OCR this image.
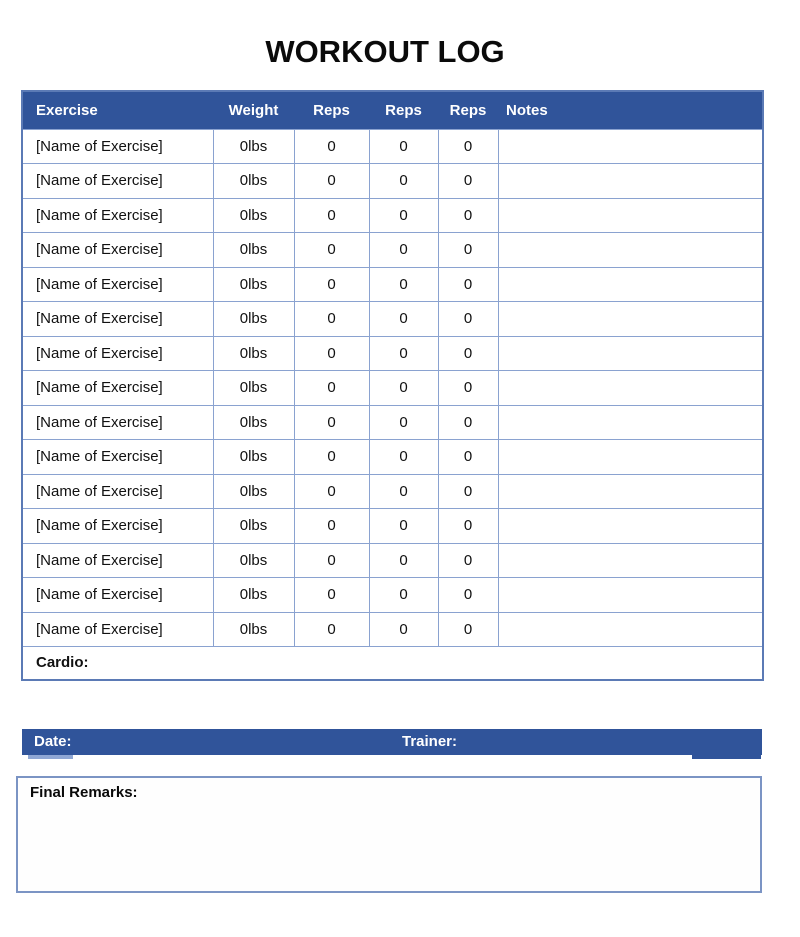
WORKOUT LOG
Exercise	Weight	Reps	Reps	Reps	Notes
[Name of Exercise]	0lbs	0	0	0	
[Name of Exercise]	0lbs	0	0	0	
[Name of Exercise]	0lbs	0	0	0	
[Name of Exercise]	0lbs	0	0	0	
[Name of Exercise]	0lbs	0	0	0	
[Name of Exercise]	0lbs	0	0	0	
[Name of Exercise]	0lbs	0	0	0	
[Name of Exercise]	0lbs	0	0	0	
[Name of Exercise]	0lbs	0	0	0	
[Name of Exercise]	0lbs	0	0	0	
[Name of Exercise]	0lbs	0	0	0	
[Name of Exercise]	0lbs	0	0	0	
[Name of Exercise]	0lbs	0	0	0	
[Name of Exercise]	0lbs	0	0	0	
[Name of Exercise]	0lbs	0	0	0	
Cardio:					
Date:	Trainer:
Final Remarks:
